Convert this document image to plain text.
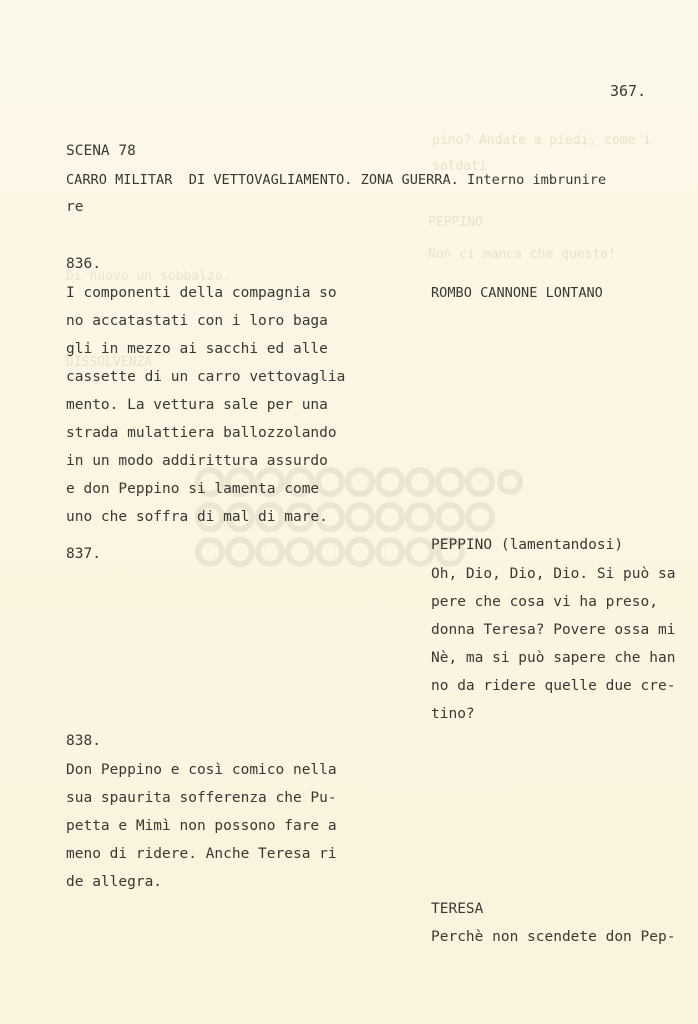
pino? Andate a piedi, come i
soldati
PEPPINO
Non ci manca che questa!
Di nuovo un sobbalzo.
DISSOLVENZA
367.
SCENA 78
CARRO MILITAR  DI VETTOVAGLIAMENTO. ZONA GUERRA. Interno imbrunire
re
836.
I componenti della compagnia so
no accatastati con i loro baga
gli in mezzo ai sacchi ed alle
cassette di un carro vettovaglia
mento. La vettura sale per una
strada mulattiera ballozzolando
in un modo addirittura assurdo
e don Peppino si lamenta come
uno che soffra di mal di mare.
ROMBO CANNONE LONTANO
837.
PEPPINO (lamentandosi)
Oh, Dio, Dio, Dio. Si può sa
pere che cosa vi ha preso,
donna Teresa? Povere ossa mi
Nè, ma si può sapere che han
no da ridere quelle due cre-
tino?
838.
Don Peppino e così comico nella
sua spaurita sofferenza che Pu-
petta e Mimì non possono fare a
meno di ridere. Anche Teresa ri
de allegra.
TERESA
Perchè non scendete don Pep-
